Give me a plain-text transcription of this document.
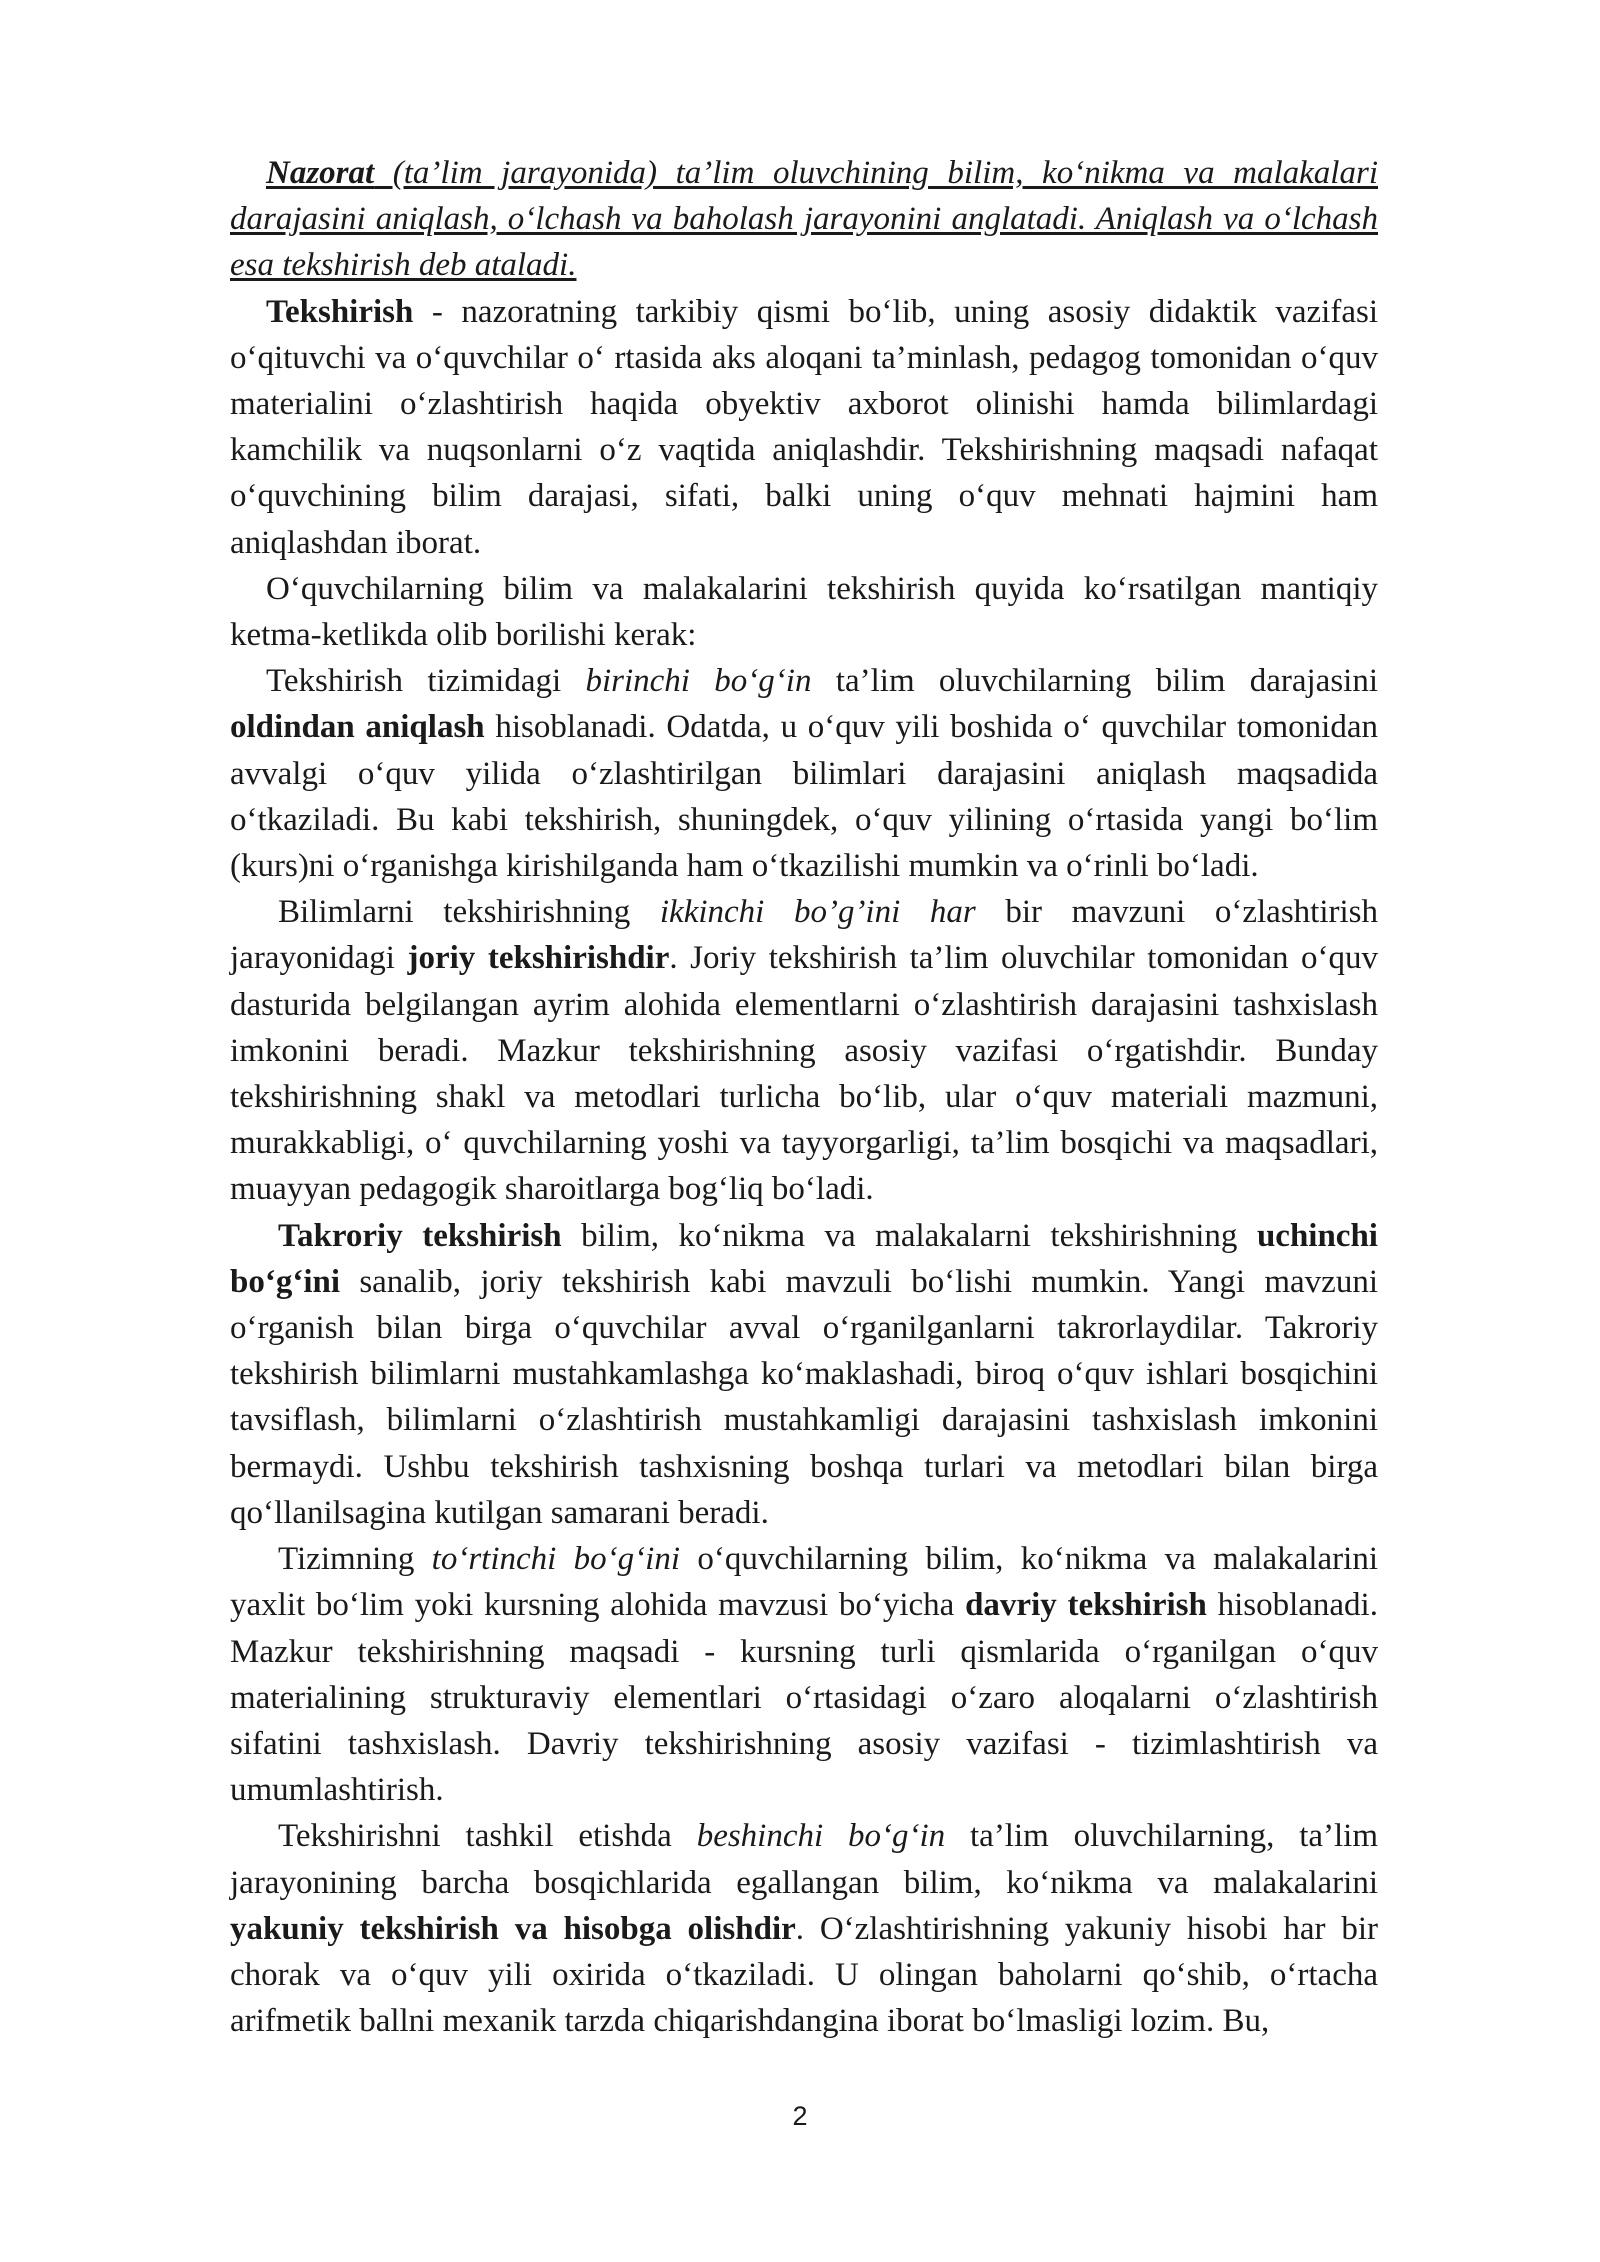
Nazorat (ta’lim jarayonida) ta’lim oluvchining bilim, ko‘nikma va malakalari darajasini aniqlash, o‘lchash va baholash jarayonini anglatadi. Aniqlash va o‘lchash esa tekshirish deb ataladi.

Tekshirish - nazoratning tarkibiy qismi bo‘lib, uning asosiy didaktik vazifasi o‘qituvchi va o‘quvchilar o‘ rtasida aks aloqani ta’minlash, pedagog tomonidan o‘quv materialini o‘zlashtirish haqida obyektiv axborot olinishi hamda bilimlardagi kamchilik va nuqsonlarni o‘z vaqtida aniqlashdir. Tekshirishning maqsadi nafaqat o‘quvchining bilim darajasi, sifati, balki uning o‘quv mehnati hajmini ham aniqlashdan iborat.

O‘quvchilarning bilim va malakalarini tekshirish quyida ko‘rsatilgan mantiqiy ketma-ketlikda olib borilishi kerak:

Tekshirish tizimidagi birinchi bo‘g‘in ta’lim oluvchilarning bilim darajasini oldindan aniqlash hisoblanadi. Odatda, u o‘quv yili boshida o‘ quvchilar tomonidan avvalgi o‘quv yilida o‘zlashtirilgan bilimlari darajasini aniqlash maqsadida o‘tkaziladi. Bu kabi tekshirish, shuningdek, o‘quv yilining o‘rtasida yangi bo‘lim (kurs)ni o‘rganishga kirishilganda ham o‘tkazilishi mumkin va o‘rinli bo‘ladi.

Bilimlarni tekshirishning ikkinchi bo’g’ini har bir mavzuni o‘zlashtirish jarayonidagi joriy tekshirishdir. Joriy tekshirish ta’lim oluvchilar tomonidan o‘quv dasturida belgilangan ayrim alohida elementlarni o‘zlashtirish darajasini tashxislash imkonini beradi. Mazkur tekshirishning asosiy vazifasi o‘rgatishdir. Bunday tekshirishning shakl va metodlari turlicha bo‘lib, ular o‘quv materiali mazmuni, murakkabligi, o‘ quvchilarning yoshi va tayyorgarligi, ta’lim bosqichi va maqsadlari, muayyan pedagogik sharoitlarga bog‘liq bo‘ladi.

Takroriy tekshirish bilim, ko‘nikma va malakalarni tekshirishning uchinchi bo‘g‘ini sanalib, joriy tekshirish kabi mavzuli bo‘lishi mumkin. Yangi mavzuni o‘rganish bilan birga o‘quvchilar avval o‘rganilganlarni takrorlaydilar. Takroriy tekshirish bilimlarni mustahkamlashga ko‘maklashadi, biroq o‘quv ishlari bosqichini tavsiflash, bilimlarni o‘zlashtirish mustahkamligi darajasini tashxislash imkonini bermaydi. Ushbu tekshirish tashxisning boshqa turlari va metodlari bilan birga qo‘llanilsagina kutilgan samarani beradi.

Tizimning to‘rtinchi bo‘g‘ini o‘quvchilarning bilim, ko‘nikma va malakalarini yaxlit bo‘lim yoki kursning alohida mavzusi bo‘yicha davriy tekshirish hisoblanadi. Mazkur tekshirishning maqsadi - kursning turli qismlarida o‘rganilgan o‘quv materialining strukturaviy elementlari o‘rtasidagi o‘zaro aloqalarni o‘zlashtirish sifatini tashxislash. Davriy tekshirishning asosiy vazifasi - tizimlashtirish va umumlashtirish.

Tekshirishni tashkil etishda beshinchi bo‘g‘in ta’lim oluvchilarning, ta’lim jarayonining barcha bosqichlarida egallangan bilim, ko‘nikma va malakalarini yakuniy tekshirish va hisobga olishdir. O‘zlashtirishning yakuniy hisobi har bir chorak va o‘quv yili oxirida o‘tkaziladi. U olingan baholarni qo‘shib, o‘rtacha arifmetik ballni mexanik tarzda chiqarishdangina iborat bo‘lmasligi lozim. Bu,

2
